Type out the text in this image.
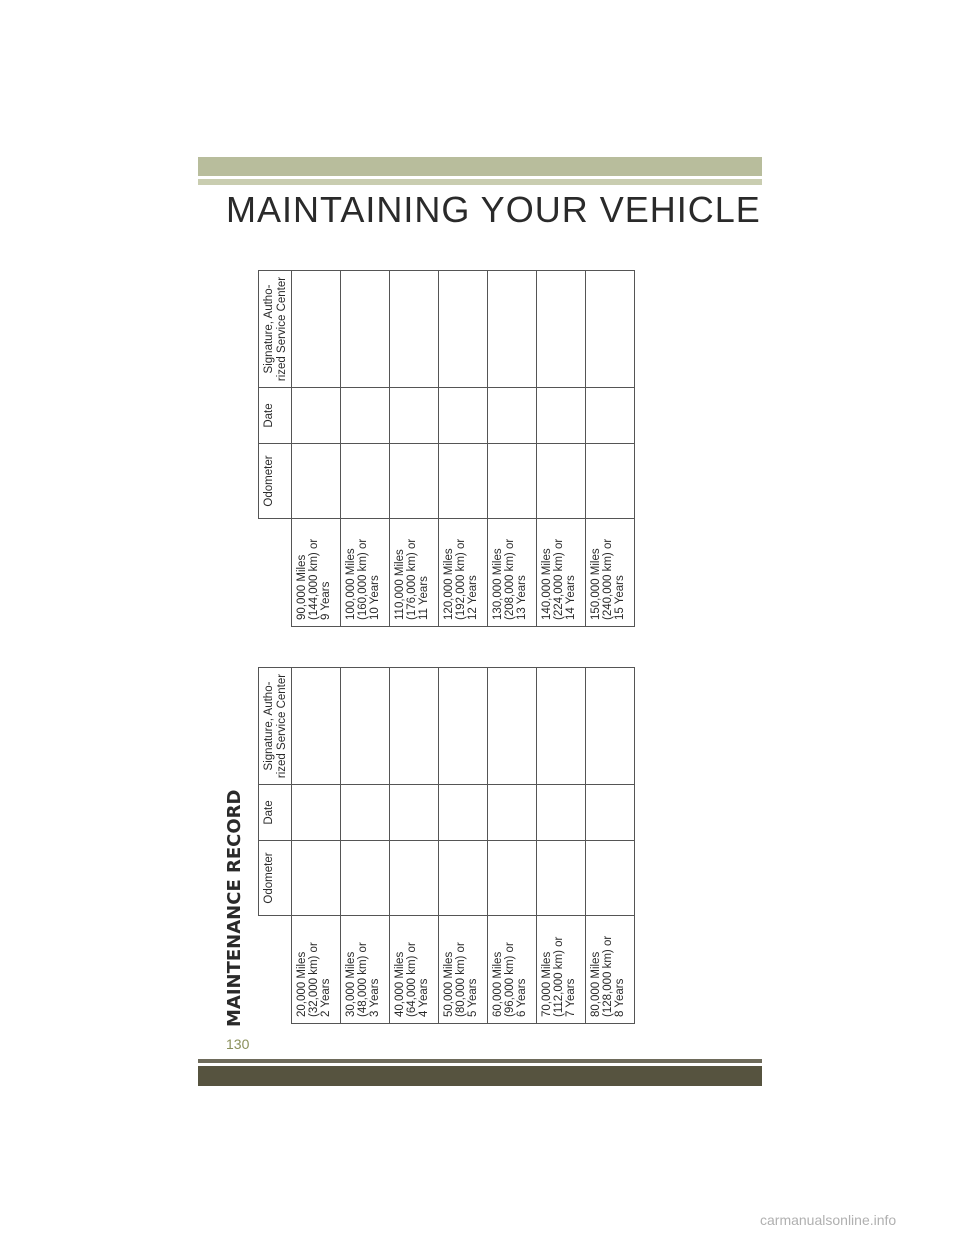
MAINTAINING YOUR VEHICLE
MAINTENANCE RECORD
	Odometer	Date	Signature, Autho-
rized Service Center
20,000 Miles
(32,000 km) or
2 Years			
30,000 Miles
(48,000 km) or
3 Years			
40,000 Miles
(64,000 km) or
4 Years			
50,000 Miles
(80,000 km) or
5 Years			
60,000 Miles
(96,000 km) or
6 Years			
70,000 Miles
(112,000 km) or
7 Years			
80,000 Miles
(128,000 km) or
8 Years			
	Odometer	Date	Signature, Autho-
rized Service Center
90,000 Miles
(144,000 km) or
9 Years			
100,000 Miles
(160,000 km) or
10 Years			
110,000 Miles
(176,000 km) or
11 Years			
120,000 Miles
(192,000 km) or
12 Years			
130,000 Miles
(208,000 km) or
13 Years			
140,000 Miles
(224,000 km) or
14 Years			
150,000 Miles
(240,000 km) or
15 Years			
130
carmanualsonline.info
